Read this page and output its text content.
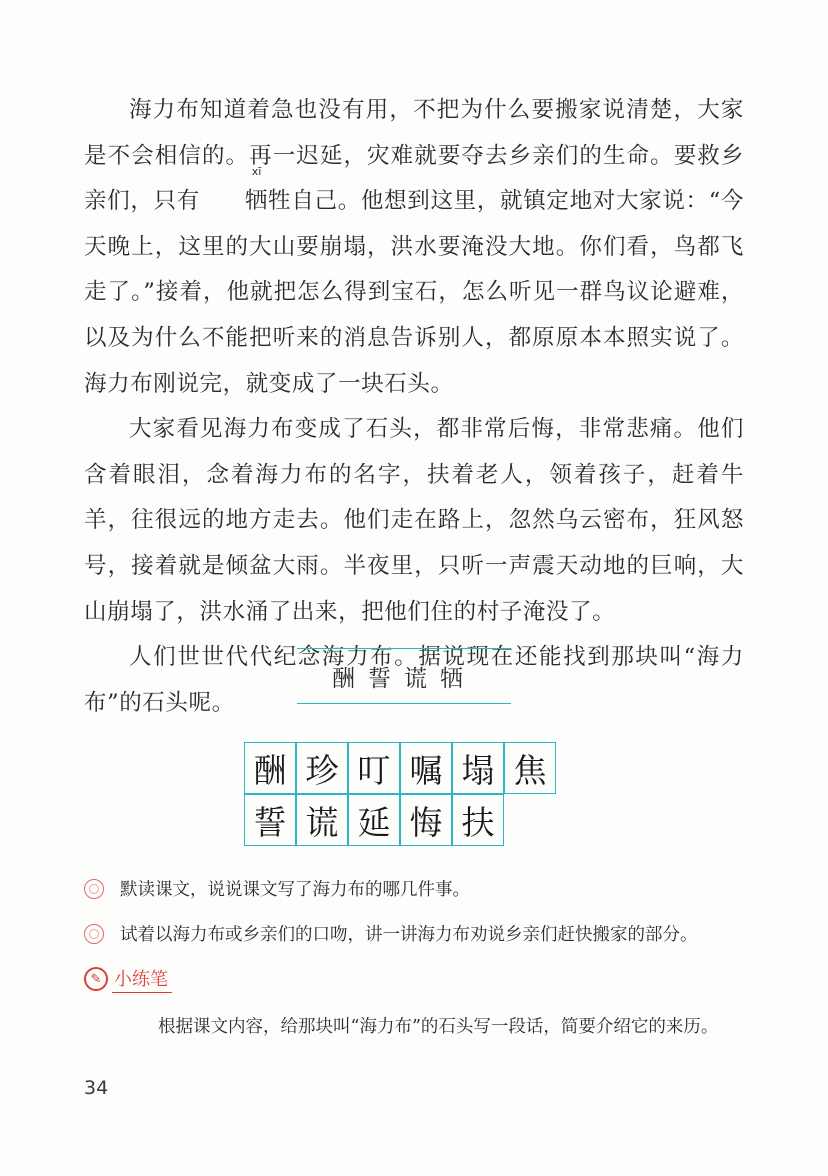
海力布知道着急也没有用，不把为什么要搬家说清楚，大家是不会相信的。再一迟延，灾难就要夺去乡亲们的生命。要救乡亲们，只有
xī
牺牲自己。他想到这里，就镇定地对大家说：“今天晚上，这里的大山要崩塌，洪水要淹没大地。你们看，鸟都飞走了。”接着，他就把怎么得到宝石，怎么听见一群鸟议论避难，以及为什么不能把听来的消息告诉别人，都原原本本照实说了。海力布刚说完，就变成了一块石头。

大家看见海力布变成了石头，都非常后悔，非常悲痛。他们含着眼泪，念着海力布的名字，扶着老人，领着孩子，赶着牛羊，往很远的地方走去。他们走在路上，忽然乌云密布，狂风怒号，接着就是倾盆大雨。半夜里，只听一声震天动地的巨响，大山崩塌了，洪水涌了出来，把他们住的村子淹没了。

人们世世代代纪念海力布。据说现在还能找到那块叫“海力布”的石头呢。

酬誓谎牺
酬 珍 叮 嘱 塌 焦
誓 谎 延 悔 扶
默读课文，说说课文写了海力布的哪几件事。
试着以海力布或乡亲们的口吻，讲一讲海力布劝说乡亲们赶快搬家的部分。
✎ 小练笔
根据课文内容，给那块叫“海力布”的石头写一段话，简要介绍它的来历。
34
